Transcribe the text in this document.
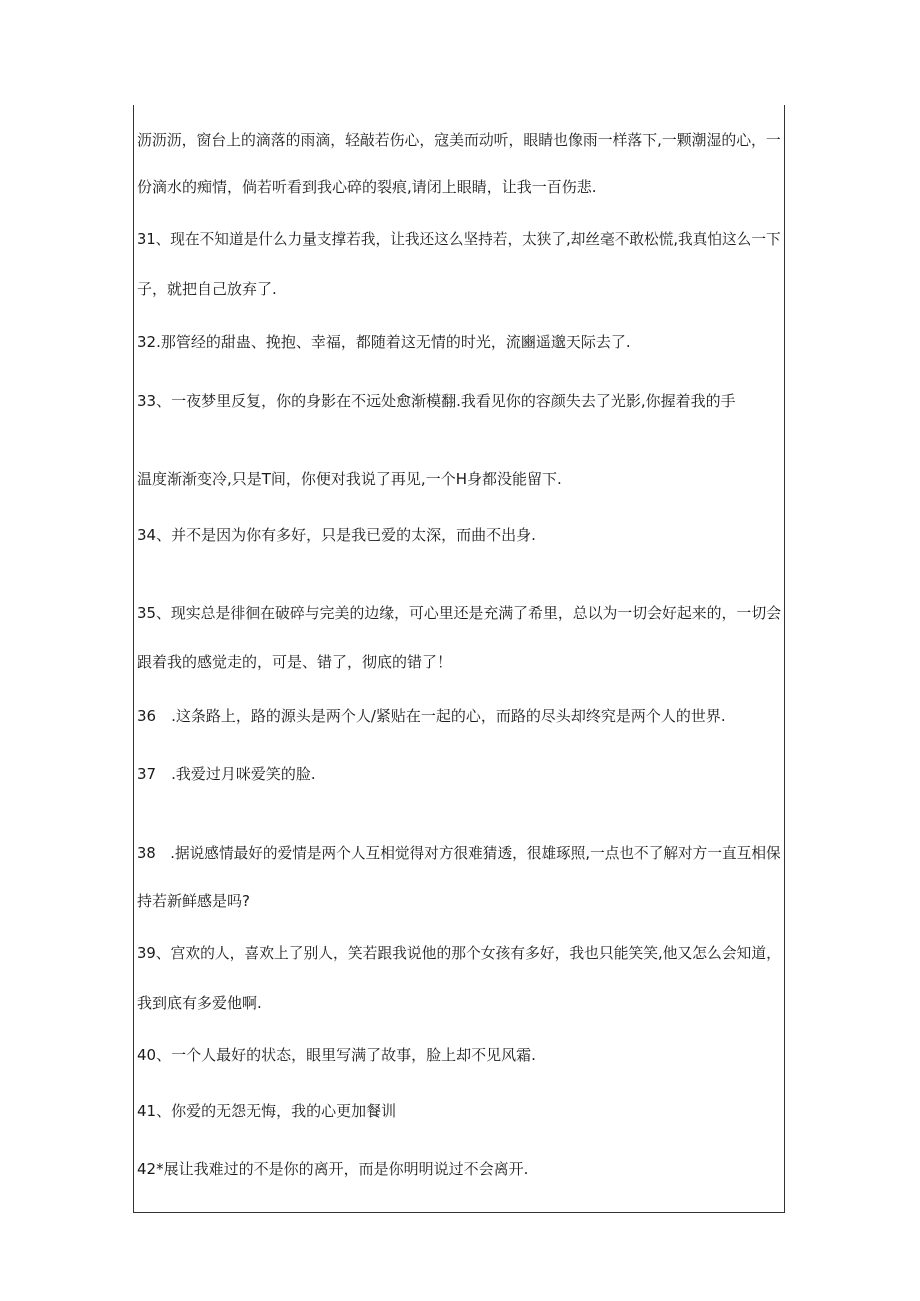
沥沥沥，窗台上的滴落的雨滴，轻敲若伤心，寇美而动听，眼睛也像雨一样落下,一颗潮湿的心，一
份滴水的痴情，倘若听看到我心碎的裂痕,请闭上眼睛，让我一百伤悲.
31、现在不知道是什么力量支撑若我，让我还这么坚持若，太狭了,却丝毫不敢松慌,我真怕这么一下
子，就把自己放弃了.
32.那管经的甜蛊、挽抱、幸福，都随着这无情的时光，流豳遥邈天际去了.
33、一夜梦里反复，你的身影在不远处愈渐模翻.我看见你的容颜失去了光影,你握着我的手
温度渐渐变冷,只是T间，你便对我说了再见,一个H身都没能留下.
34、并不是因为你有多好，只是我已爱的太深，而曲不出身.
35、现实总是徘徊在破碎与完美的边缘，可心里还是充满了希里，总以为一切会好起来的，一切会
跟着我的感觉走的，可是、错了，彻底的错了！
36　.这条路上，路的源头是两个人/紧贴在一起的心，而路的尽头却终究是两个人的世界.
37　.我爱过月咪爱笑的脸.
38　.据说感情最好的爱情是两个人互相觉得对方很难猜透，很雄琢照,一点也不了解对方一直互相保
持若新鲜感是吗?
39、宫欢的人，喜欢上了别人，笑若跟我说他的那个女孩有多好，我也只能笑笑,他又怎么会知道，
我到底有多爱他啊.
40、一个人最好的状态，眼里写满了故事，脸上却不见风霜.
41、你爱的无怨无悔，我的心更加餐训
42*展让我难过的不是你的离开，而是你明明说过不会离开.
